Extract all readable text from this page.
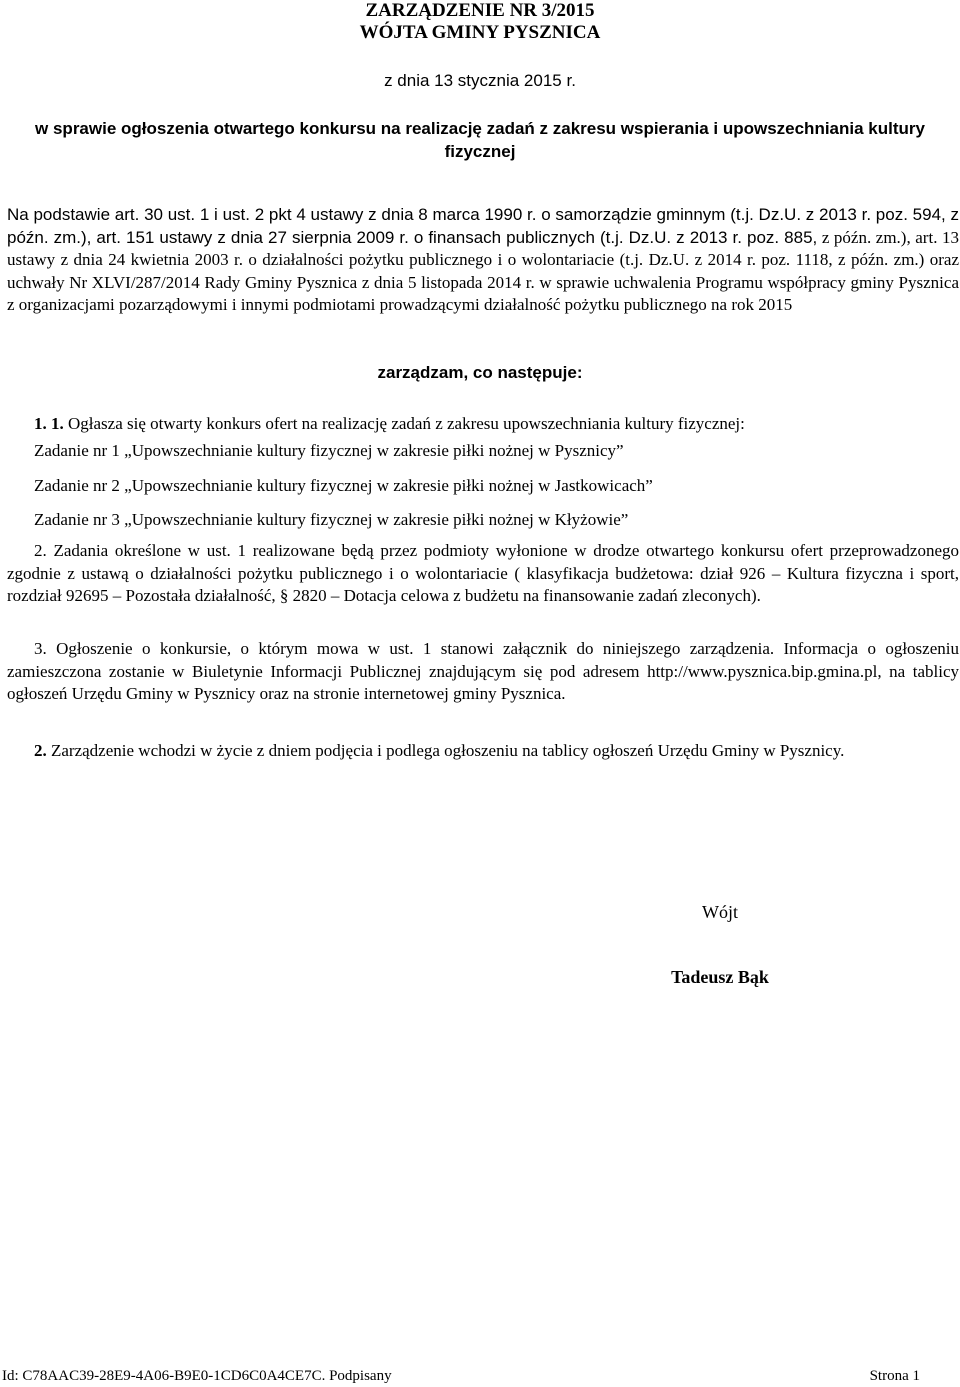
ZARZĄDZENIE NR 3/2015
WÓJTA GMINY PYSZNICA
z dnia 13 stycznia 2015 r.
w sprawie ogłoszenia otwartego konkursu na realizację zadań z zakresu wspierania i upowszechniania kultury fizycznej
Na podstawie art. 30 ust. 1 i ust. 2 pkt 4 ustawy z dnia 8 marca 1990 r. o samorządzie gminnym (t.j. Dz.U. z 2013 r. poz. 594, z późn. zm.), art. 151 ustawy z dnia 27 sierpnia 2009 r. o finansach publicznych (t.j. Dz.U. z 2013 r. poz. 885, z późn. zm.), art. 13 ustawy z dnia 24 kwietnia 2003 r. o działalności pożytku publicznego i o wolontariacie (t.j. Dz.U. z 2014 r. poz. 1118, z późn. zm.) oraz uchwały Nr XLVI/287/2014 Rady Gminy Pysznica z dnia 5 listopada 2014 r. w sprawie uchwalenia Programu współpracy gminy Pysznica z organizacjami pozarządowymi i innymi podmiotami prowadzącymi działalność pożytku publicznego na rok 2015
zarządzam, co następuje:
1. 1. Ogłasza się otwarty konkurs ofert na realizację zadań z zakresu upowszechniania kultury fizycznej:
Zadanie nr 1 „Upowszechnianie kultury fizycznej w zakresie piłki nożnej w Pysznicy”
Zadanie nr 2 „Upowszechnianie kultury fizycznej w zakresie piłki nożnej w Jastkowicach”
Zadanie nr 3 „Upowszechnianie kultury fizycznej w zakresie piłki nożnej w Kłyżowie”
2. Zadania określone w ust. 1 realizowane będą przez podmioty wyłonione w drodze otwartego konkursu ofert przeprowadzonego zgodnie z ustawą o działalności pożytku publicznego i o wolontariacie ( klasyfikacja budżetowa: dział 926 – Kultura fizyczna i sport, rozdział 92695 – Pozostała działalność, § 2820 – Dotacja celowa z budżetu na finansowanie zadań zleconych).
3. Ogłoszenie o konkursie, o którym mowa w ust. 1 stanowi załącznik do niniejszego zarządzenia. Informacja o ogłoszeniu zamieszczona zostanie w Biuletynie Informacji Publicznej znajdującym się pod adresem http://www.pysznica.bip.gmina.pl, na tablicy ogłoszeń Urzędu Gminy w Pysznicy oraz na stronie internetowej gminy Pysznica.
2. Zarządzenie wchodzi w życie z dniem podjęcia i podlega ogłoszeniu na tablicy ogłoszeń Urzędu Gminy w Pysznicy.
Wójt
Tadeusz Bąk
Id: C78AAC39-28E9-4A06-B9E0-1CD6C0A4CE7C. Podpisany	Strona 1
